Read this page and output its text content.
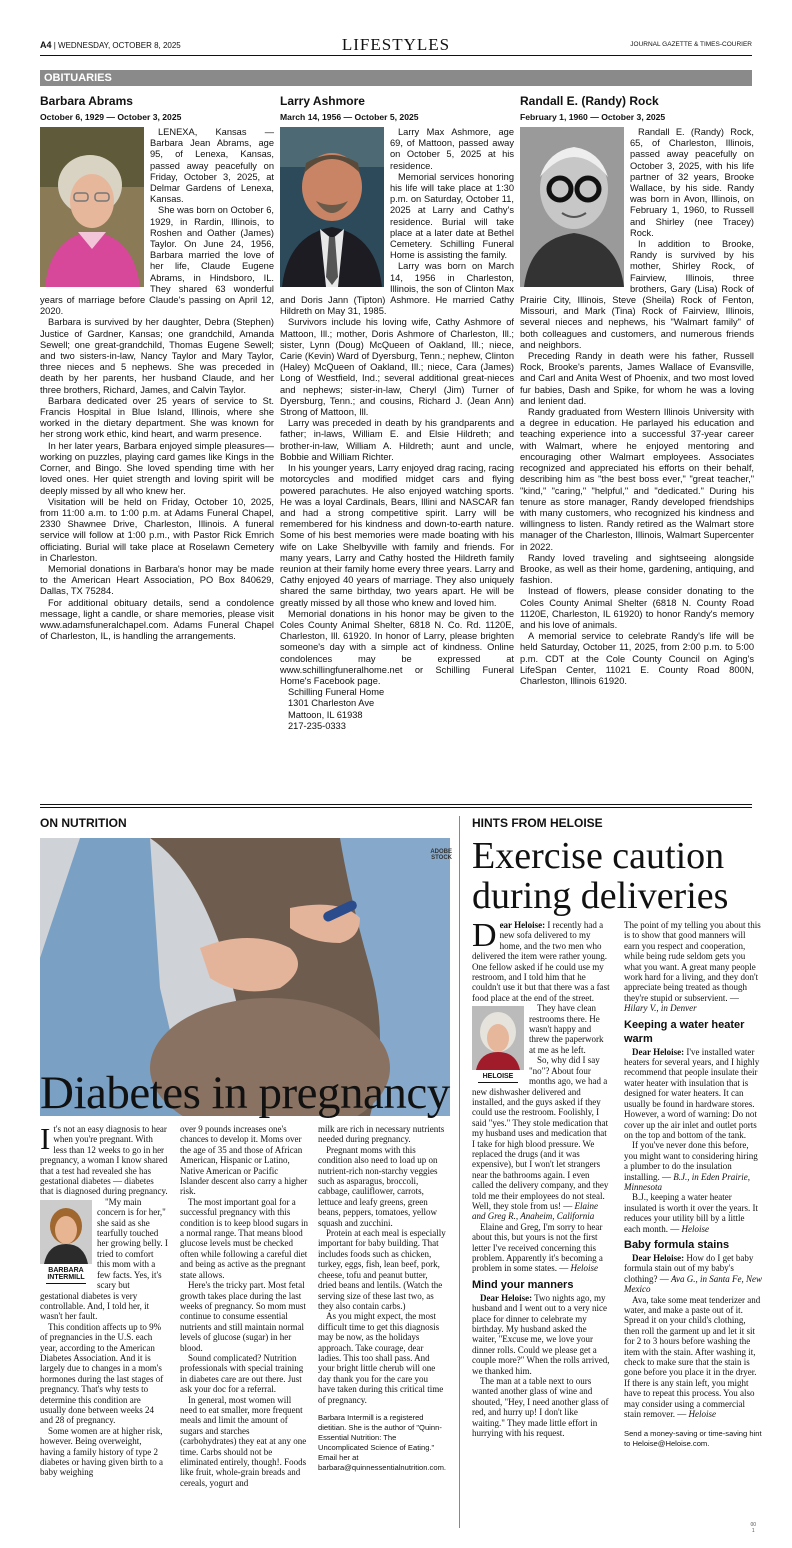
A4 | WEDNESDAY, OCTOBER 8, 2025	LIFESTYLES	JOURNAL GAZETTE & TIMES-COURIER
OBITUARIES
Barbara Abrams
October 6, 1929 — October 3, 2025

LENEXA, Kansas — Barbara Jean Abrams, age 95, of Lenexa, Kansas, passed away peacefully on Friday, October 3, 2025, at Delmar Gardens of Lenexa, Kansas.

She was born on October 6, 1929, in Rardin, Illinois, to Roshen and Oather (James) Taylor. On June 24, 1956, Barbara married the love of her life, Claude Eugene Abrams, in Hindsboro, IL. They shared 63 wonderful years of marriage before Claude's passing on April 12, 2020.

Barbara is survived by her daughter, Debra (Stephen) Justice of Gardner, Kansas; one grandchild, Amanda Sewell; one great-grandchild, Thomas Eugene Sewell; and two sisters-in-law, Nancy Taylor and Mary Taylor, three nieces and 5 nephews. She was preceded in death by her parents, her husband Claude, and her three brothers, Richard, James, and Calvin Taylor.

Barbara dedicated over 25 years of service to St. Francis Hospital in Blue Island, Illinois, where she worked in the dietary department. She was known for her strong work ethic, kind heart, and warm presence.

In her later years, Barbara enjoyed simple pleasures—working on puzzles, playing card games like Kings in the Corner, and Bingo. She loved spending time with her loved ones. Her quiet strength and loving spirit will be deeply missed by all who knew her.

Visitation will be held on Friday, October 10, 2025, from 11:00 a.m. to 1:00 p.m. at Adams Funeral Chapel, 2330 Shawnee Drive, Charleston, Illinois. A funeral service will follow at 1:00 p.m., with Pastor Rick Emrich officiating. Burial will take place at Roselawn Cemetery in Charleston.

Memorial donations in Barbara's honor may be made to the American Heart Association, PO Box 840629, Dallas, TX 75284.

For additional obituary details, send a condolence message, light a candle, or share memories, please visit www.adamsfuneralchapel.com. Adams Funeral Chapel of Charleston, IL, is handling the arrangements.

Larry Ashmore
March 14, 1956 — October 5, 2025

Larry Max Ashmore, age 69, of Mattoon, passed away on October 5, 2025 at his residence.

Memorial services honoring his life will take place at 1:30 p.m. on Saturday, October 11, 2025 at Larry and Cathy's residence. Burial will take place at a later date at Bethel Cemetery. Schilling Funeral Home is assisting the family.

Larry was born on March 14, 1956 in Charleston, Illinois, the son of Clinton Max and Doris Jann (Tipton) Ashmore. He married Cathy Hildreth on May 31, 1985.

Survivors include his loving wife, Cathy Ashmore of Mattoon, Ill.; mother, Doris Ashmore of Charleston, Ill.; sister, Lynn (Doug) McQueen of Oakland, Ill.; niece, Carie (Kevin) Ward of Dyersburg, Tenn.; nephew, Clinton (Haley) McQueen of Oakland, Ill.; niece, Cara (James) Long of Westfield, Ind.; several additional great-nieces and nephews; sister-in-law, Cheryl (Jim) Turner of Dyersburg, Tenn.; and cousins, Richard J. (Jean Ann) Strong of Mattoon, Ill.

Larry was preceded in death by his grandparents and father; in-laws, William E. and Elsie Hildreth; and brother-in-law, William A. Hildreth; aunt and uncle, Bobbie and William Richter.

In his younger years, Larry enjoyed drag racing, racing motorcycles and modified midget cars and flying powered parachutes. He also enjoyed watching sports. He was a loyal Cardinals, Bears, Illini and NASCAR fan and had a strong competitive spirit. Larry will be remembered for his kindness and down-to-earth nature. Some of his best memories were made boating with his wife on Lake Shelbyville with family and friends. For many years, Larry and Cathy hosted the Hildreth family reunion at their family home every three years. Larry and Cathy enjoyed 40 years of marriage. They also uniquely shared the same birthday, two years apart. He will be greatly missed by all those who knew and loved him.

Memorial donations in his honor may be given to the Coles County Animal Shelter, 6818 N. Co. Rd. 1120E, Charleston, Ill. 61920. In honor of Larry, please brighten someone's day with a simple act of kindness. Online condolences may be expressed at www.schillingfuneralhome.net or Schilling Funeral Home's Facebook page.

Schilling Funeral Home

1301 Charleston Ave

Mattoon, IL 61938

217-235-0333

Randall E. (Randy) Rock
February 1, 1960 — October 3, 2025

Randall E. (Randy) Rock, 65, of Charleston, Illinois, passed away peacefully on October 3, 2025, with his life partner of 32 years, Brooke Wallace, by his side. Randy was born in Avon, Illinois, on February 1, 1960, to Russell and Shirley (nee Tracey) Rock.

In addition to Brooke, Randy is survived by his mother, Shirley Rock, of Fairview, Illinois, three brothers, Gary (Lisa) Rock of Prairie City, Illinois, Steve (Sheila) Rock of Fenton, Missouri, and Mark (Tina) Rock of Fairview, Illinois, several nieces and nephews, his "Walmart family" of both colleagues and customers, and numerous friends and neighbors.

Preceding Randy in death were his father, Russell Rock, Brooke's parents, James Wallace of Evansville, and Carl and Anita West of Phoenix, and two most loved fur babies, Dash and Spike, for whom he was a loving and lenient dad.

Randy graduated from Western Illinois University with a degree in education. He parlayed his education and teaching experience into a successful 37-year career with Walmart, where he enjoyed mentoring and encouraging other Walmart employees. Associates recognized and appreciated his efforts on their behalf, describing him as "the best boss ever," "great teacher," "kind," "caring," "helpful," and "dedicated." During his tenure as store manager, Randy developed friendships with many customers, who recognized his kindness and willingness to listen. Randy retired as the Walmart store manager of the Charleston, Illinois, Walmart Supercenter in 2022.

Randy loved traveling and sightseeing alongside Brooke, as well as their home, gardening, antiquing, and fashion.

Instead of flowers, please consider donating to the Coles County Animal Shelter (6818 N. County Road 1120E, Charleston, IL 61920) to honor Randy's memory and his love of animals.

A memorial service to celebrate Randy's life will be held Saturday, October 11, 2025, from 2:00 p.m. to 5:00 p.m. CDT at the Cole County Council on Aging's LifeSpan Center, 11021 E. County Road 800N, Charleston, Illinois 61920.

ON NUTRITION	HINTS FROM HELOISE
ADOBE STOCK
Diabetes in pregnancy

It's not an easy diagnosis to hear when you're pregnant. With less than 12 weeks to go in her pregnancy, a woman I know shared that a test had revealed she has gestational diabetes — diabetes that is diagnosed during pregnancy.

BARBARA
INTERMILL

"My main concern is for her," she said as she tearfully touched her growing belly. I tried to comfort this mom with a few facts. Yes, it's scary but gestational diabetes is very controllable. And, I told her, it wasn't her fault.

This condition affects up to 9% of pregnancies in the U.S. each year, according to the American Diabetes Association. And it is largely due to changes in a mom's hormones during the last stages of pregnancy. That's why tests to determine this condition are usually done between weeks 24 and 28 of pregnancy.

Some women are at higher risk, however. Being overweight, having a family history of type 2 diabetes or having given birth to a baby weighing

over 9 pounds increases one's chances to develop it. Moms over the age of 35 and those of African American, Hispanic or Latino, Native American or Pacific Islander descent also carry a higher risk.

The most important goal for a successful pregnancy with this condition is to keep blood sugars in a normal range. That means blood glucose levels must be checked often while following a careful diet and being as active as the pregnant state allows.

Here's the tricky part. Most fetal growth takes place during the last weeks of pregnancy. So mom must continue to consume essential nutrients and still maintain normal levels of glucose (sugar) in her blood.

Sound complicated? Nutrition professionals with special training in diabetes care are out there. Just ask your doc for a referral.

In general, most women will need to eat smaller, more frequent meals and limit the amount of sugars and starches (carbohydrates) they eat at any one time. Carbs should not be eliminated entirely, though!. Foods like fruit, whole-grain breads and cereals, yogurt and

milk are rich in necessary nutrients needed during pregnancy.

Pregnant moms with this condition also need to load up on nutrient-rich non-starchy veggies such as asparagus, broccoli, cabbage, cauliflower, carrots, lettuce and leafy greens, green beans, peppers, tomatoes, yellow squash and zucchini.

Protein at each meal is especially important for baby building. That includes foods such as chicken, turkey, eggs, fish, lean beef, pork, cheese, tofu and peanut butter, dried beans and lentils. (Watch the serving size of these last two, as they also contain carbs.)

As you might expect, the most difficult time to get this diagnosis may be now, as the holidays approach. Take courage, dear ladies. This too shall pass. And your bright little cherub will one day thank you for the care you have taken during this critical time of pregnancy.

Barbara Intermill is a registered dietitian. She is the author of "Quinn-Essential Nutrition: The Uncomplicated Science of Eating." Email her at barbara@quinnessentialnutrition.com.

Exercise caution during deliveries

Dear Heloise: I recently had a new sofa delivered to my home, and the two men who delivered the item were rather young. One fellow asked if he could use my restroom, and I told him that he couldn't use it but that there was a fast food place at the end of the street.

HELOISE

They have clean restrooms there. He wasn't happy and threw the paperwork at me as he left.

So, why did I say "no"? About four months ago, we had a new dishwasher delivered and installed, and the guys asked if they could use the restroom. Foolishly, I said "yes." They stole medication that my husband uses and medication that I take for high blood pressure. We replaced the drugs (and it was expensive), but I won't let strangers near the bathrooms again. I even called the delivery company, and they told me their employees do not steal. Well, they stole from us! — Elaine and Greg R., Anaheim, California

Elaine and Greg, I'm sorry to hear about this, but yours is not the first letter I've received concerning this problem. Apparently it's becoming a problem in some states. — Heloise

Mind your manners

Dear Heloise: Two nights ago, my husband and I went out to a very nice place for dinner to celebrate my birthday. My husband asked the waiter, "Excuse me, we love your dinner rolls. Could we please get a couple more?" When the rolls arrived, we thanked him.

The man at a table next to ours wanted another glass of wine and shouted, "Hey, I need another glass of red, and hurry up! I don't like waiting." They made little effort in hurrying with his request.

The point of my telling you about this is to show that good manners will earn you respect and cooperation, while being rude seldom gets you what you want. A great many people work hard for a living, and they don't appreciate being treated as though they're stupid or subservient. — Hilary V., in Denver

Keeping a water heater warm

Dear Heloise: I've installed water heaters for several years, and I highly recommend that people insulate their water heater with insulation that is designed for water heaters. It can usually be found in hardware stores. However, a word of warning: Do not cover up the air inlet and outlet ports on the top and bottom of the tank.

If you've never done this before, you might want to considering hiring a plumber to do the insulation installing. — B.J., in Eden Prairie, Minnesota

B.J., keeping a water heater insulated is worth it over the years. It reduces your utility bill by a little each month. — Heloise

Baby formula stains

Dear Heloise: How do I get baby formula stain out of my baby's clothing? — Ava G., in Santa Fe, New Mexico

Ava, take some meat tenderizer and water, and make a paste out of it. Spread it on your child's clothing, then roll the garment up and let it sit for 2 to 3 hours before washing the item with the stain. After washing it, check to make sure that the stain is gone before you place it in the dryer. If there is any stain left, you might have to repeat this process. You also may consider using a commercial stain remover. — Heloise

Send a money-saving or time-saving hint to Heloise@Heloise.com.

00
1
